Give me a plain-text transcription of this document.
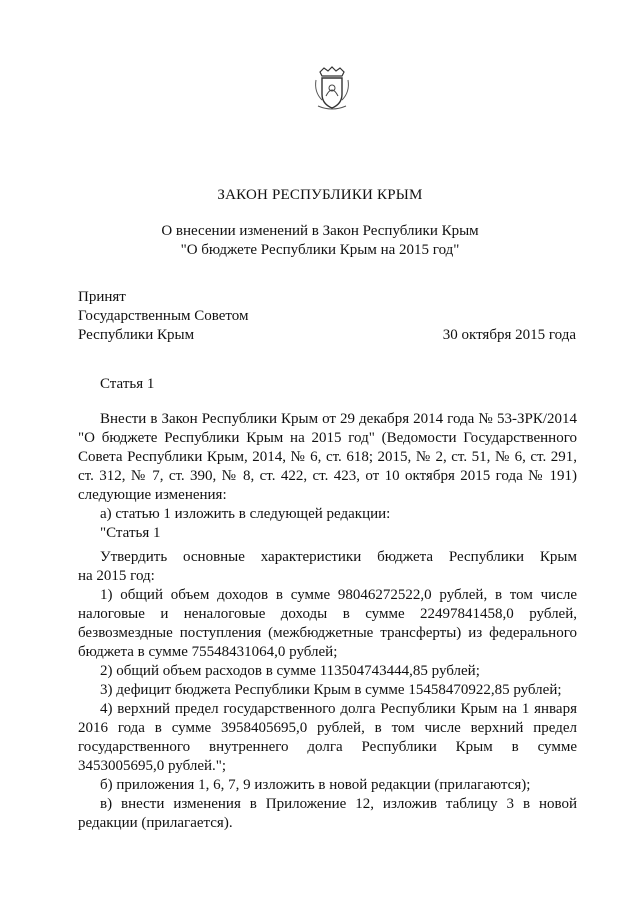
ЗАКОН РЕСПУБЛИКИ КРЫМ
О внесении изменений в Закон Республики Крым
"О бюджете Республики Крым на 2015 год"
Принят
Государственным Советом
Республики Крым	30 октября 2015 года
Статья 1
Внести в Закон Республики Крым от 29 декабря 2014 года № 53-ЗРК/2014
"О бюджете Республики Крым на 2015 год" (Ведомости Государственного
Совета Республики Крым, 2014, № 6, ст. 618; 2015, № 2, ст. 51, № 6, ст. 291,
ст. 312, № 7, ст. 390, № 8, ст. 422, ст. 423, от 10 октября 2015 года № 191)
следующие изменения:
а) статью 1 изложить в следующей редакции:
"Статья 1
Утвердить основные характеристики бюджета Республики Крым
на 2015 год:
1) общий объем доходов в сумме 98046272522,0 рублей, в том числе
налоговые и неналоговые доходы в сумме 22497841458,0 рублей,
безвозмездные поступления (межбюджетные трансферты) из федерального
бюджета в сумме 75548431064,0 рублей;
2) общий объем расходов в сумме 113504743444,85 рублей;
3) дефицит бюджета Республики Крым в сумме 15458470922,85 рублей;
4) верхний предел государственного долга Республики Крым на 1 января
2016 года в сумме 3958405695,0 рублей, в том числе верхний предел
государственного внутреннего долга Республики Крым в сумме
3453005695,0 рублей.";
б) приложения 1, 6, 7, 9 изложить в новой редакции (прилагаются);
в) внести изменения в Приложение 12, изложив таблицу 3 в новой
редакции (прилагается).
